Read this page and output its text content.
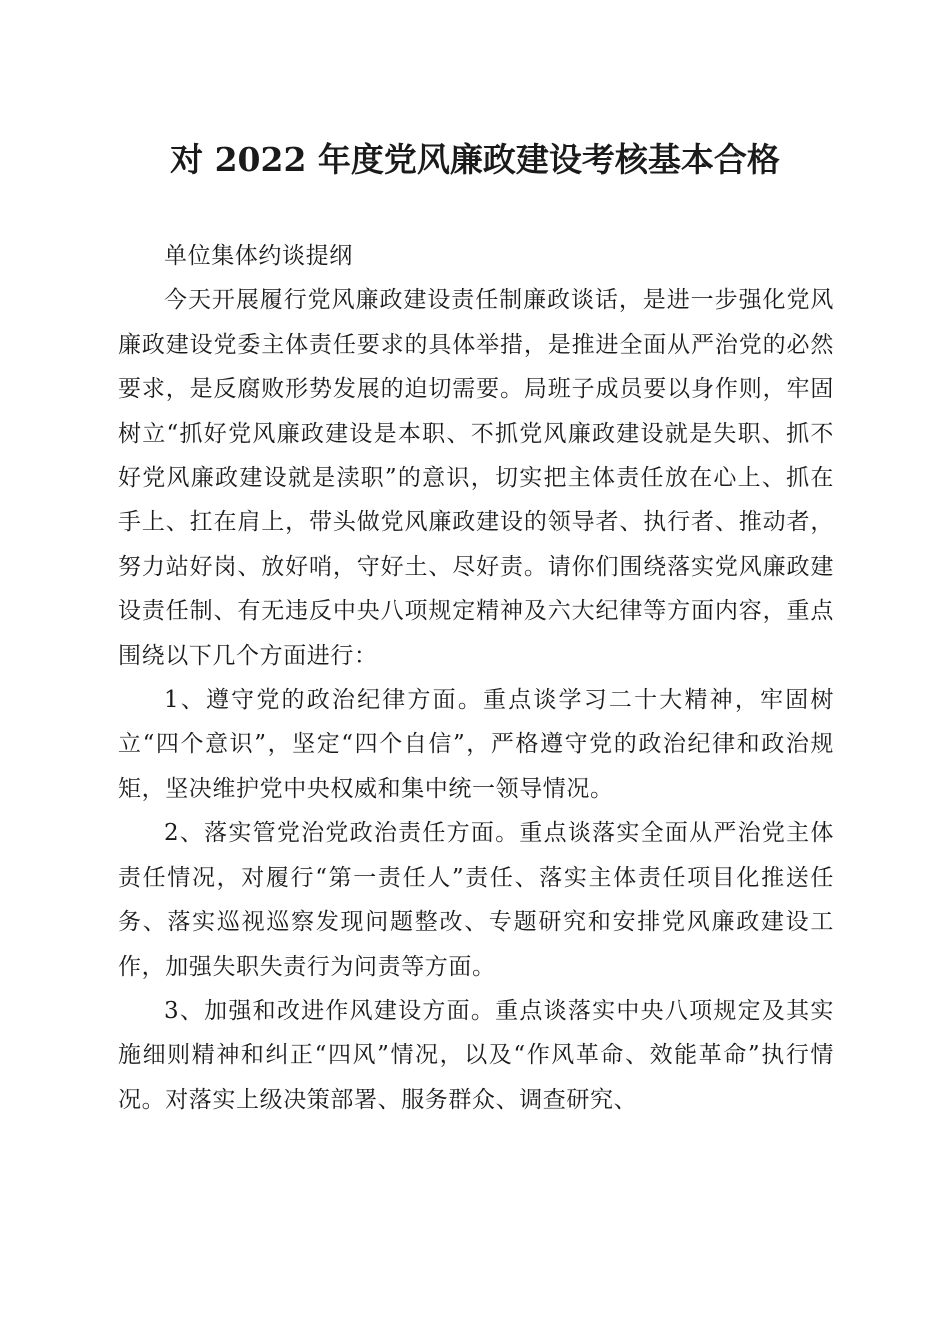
对 2022 年度党风廉政建设考核基本合格

单位集体约谈提纲

今天开展履行党风廉政建设责任制廉政谈话，是进一步强化党风廉政建设党委主体责任要求的具体举措，是推进全面从严治党的必然要求，是反腐败形势发展的迫切需要。局班子成员要以身作则，牢固树立“抓好党风廉政建设是本职、不抓党风廉政建设就是失职、抓不好党风廉政建设就是渎职”的意识，切实把主体责任放在心上、抓在手上、扛在肩上，带头做党风廉政建设的领导者、执行者、推动者，努力站好岗、放好哨，守好土、尽好责。请你们围绕落实党风廉政建设责任制、有无违反中央八项规定精神及六大纪律等方面内容，重点围绕以下几个方面进行：

1、遵守党的政治纪律方面。重点谈学习二十大精神，牢固树立“四个意识”，坚定“四个自信”，严格遵守党的政治纪律和政治规矩，坚决维护党中央权威和集中统一领导情况。

2、落实管党治党政治责任方面。重点谈落实全面从严治党主体责任情况，对履行“第一责任人”责任、落实主体责任项目化推送任务、落实巡视巡察发现问题整改、专题研究和安排党风廉政建设工作，加强失职失责行为问责等方面。

3、加强和改进作风建设方面。重点谈落实中央八项规定及其实施细则精神和纠正“四风”情况，以及“作风革命、效能革命”执行情况。对落实上级决策部署、服务群众、调查研究、
